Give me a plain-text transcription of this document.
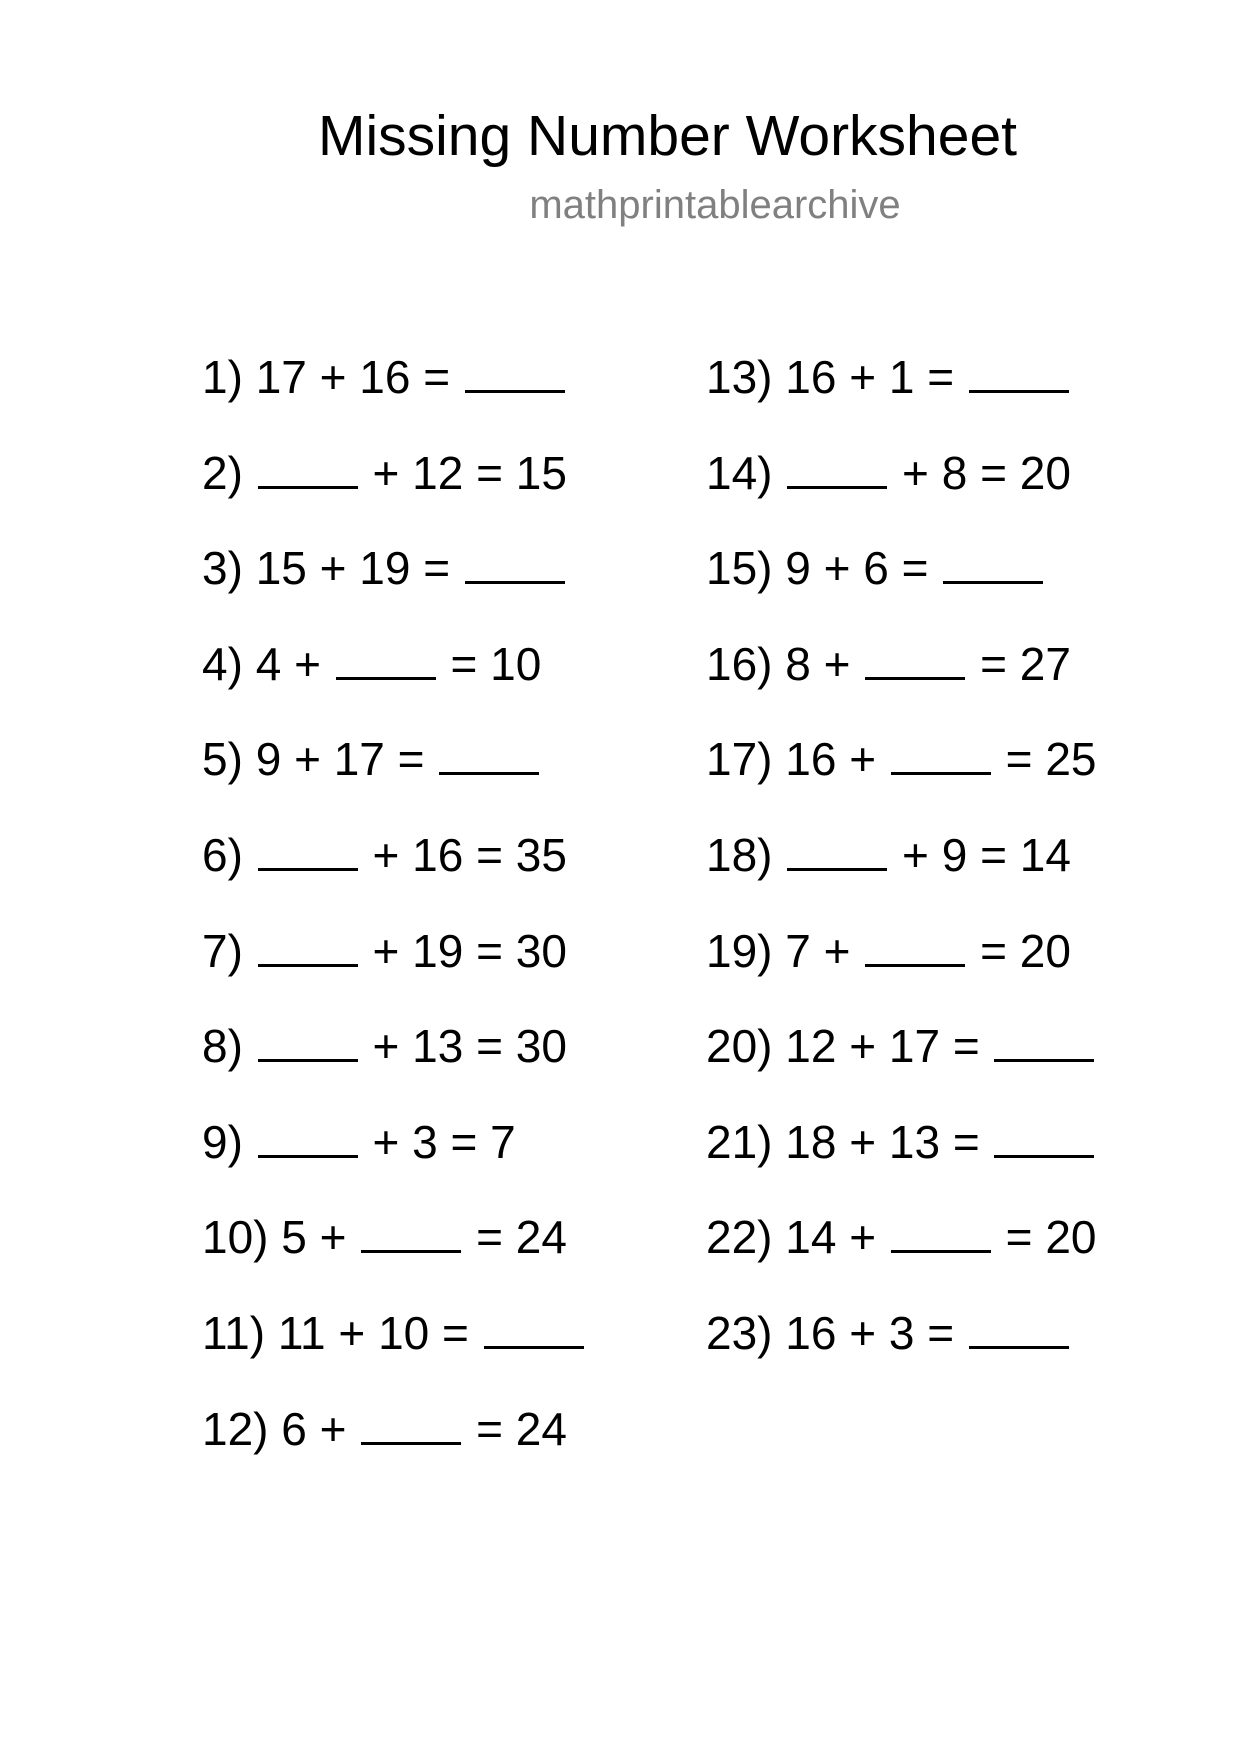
Missing Number Worksheet
mathprintablearchive
1) 17 + 16 =
2)	+ 12 = 15
3) 15 + 19 =
4) 4 +	= 10
5) 9 + 17 =
6)	+ 16 = 35
7)	+ 19 = 30
8)	+ 13 = 30
9)	+ 3 = 7
10) 5 +	= 24
11) 11 + 10 =
12) 6 +	= 24
13) 16 + 1 =
14)	+ 8 = 20
15) 9 + 6 =
16) 8 +	= 27
17) 16 +	= 25
18)	+ 9 = 14
19) 7 +	= 20
20) 12 + 17 =
21) 18 + 13 =
22) 14 +	= 20
23) 16 + 3 =
